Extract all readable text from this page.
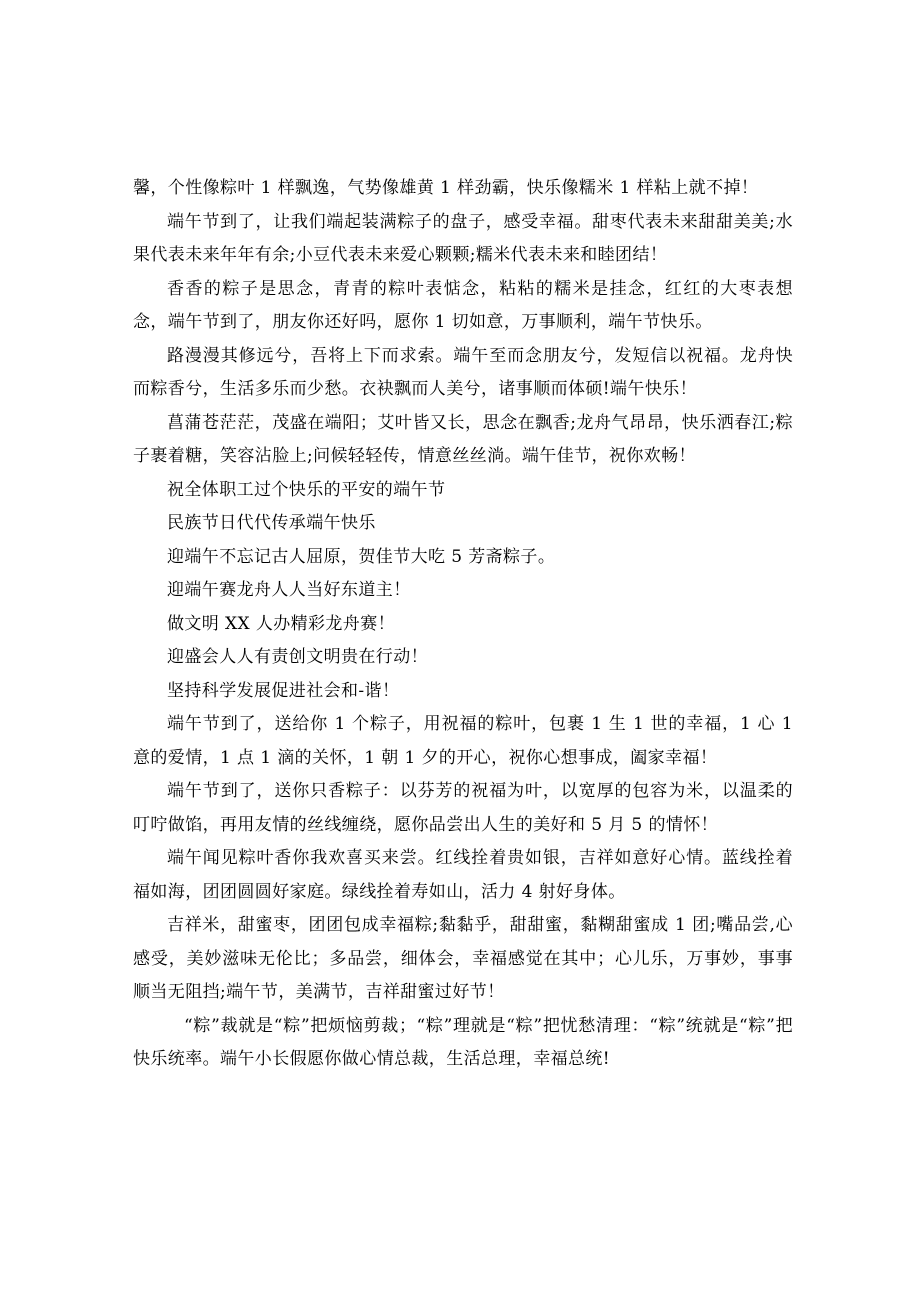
馨，个性像粽叶 1 样飘逸，气势像雄黄 1 样劲霸，快乐像糯米 1 样粘上就不掉！

端午节到了，让我们端起装满粽子的盘子，感受幸福。甜枣代表未来甜甜美美;水果代表未来年年有余;小豆代表未来爱心颗颗;糯米代表未来和睦团结！

香香的粽子是思念，青青的粽叶表惦念，粘粘的糯米是挂念，红红的大枣表想念，端午节到了，朋友你还好吗，愿你 1 切如意，万事顺利，端午节快乐。

路漫漫其修远兮，吾将上下而求索。端午至而念朋友兮，发短信以祝福。龙舟快而粽香兮，生活多乐而少愁。衣袂飘而人美兮，诸事顺而体硕!端午快乐！

菖蒲苍茫茫，茂盛在端阳；艾叶皆又长，思念在飘香;龙舟气昂昂，快乐洒春江;粽子裹着糖，笑容沾脸上;问候轻轻传，情意丝丝淌。端午佳节，祝你欢畅！

祝全体职工过个快乐的平安的端午节

民族节日代代传承端午快乐

迎端午不忘记古人屈原，贺佳节大吃 5 芳斋粽子。

迎端午赛龙舟人人当好东道主！

做文明 XX 人办精彩龙舟赛！

迎盛会人人有责创文明贵在行动！

坚持科学发展促进社会和-谐！

端午节到了，送给你 1 个粽子，用祝福的粽叶，包裹 1 生 1 世的幸福，1 心 1 意的爱情，1 点 1 滴的关怀，1 朝 1 夕的开心，祝你心想事成，阖家幸福！

端午节到了，送你只香粽子：以芬芳的祝福为叶，以宽厚的包容为米，以温柔的叮咛做馅，再用友情的丝线缠绕，愿你品尝出人生的美好和 5 月 5 的情怀！

端午闻见粽叶香你我欢喜买来尝。红线拴着贵如银，吉祥如意好心情。蓝线拴着福如海，团团圆圆好家庭。绿线拴着寿如山，活力 4 射好身体。

吉祥米，甜蜜枣，团团包成幸福粽;黏黏乎，甜甜蜜，黏糊甜蜜成 1 团;嘴品尝,心感受，美妙滋味无伦比；多品尝，细体会，幸福感觉在其中；心儿乐，万事妙，事事顺当无阻挡;端午节，美满节，吉祥甜蜜过好节！

“粽”裁就是“粽”把烦恼剪裁；“粽”理就是“粽”把忧愁清理：“粽”统就是“粽”把快乐统率。端午小长假愿你做心情总裁，生活总理，幸福总统!
